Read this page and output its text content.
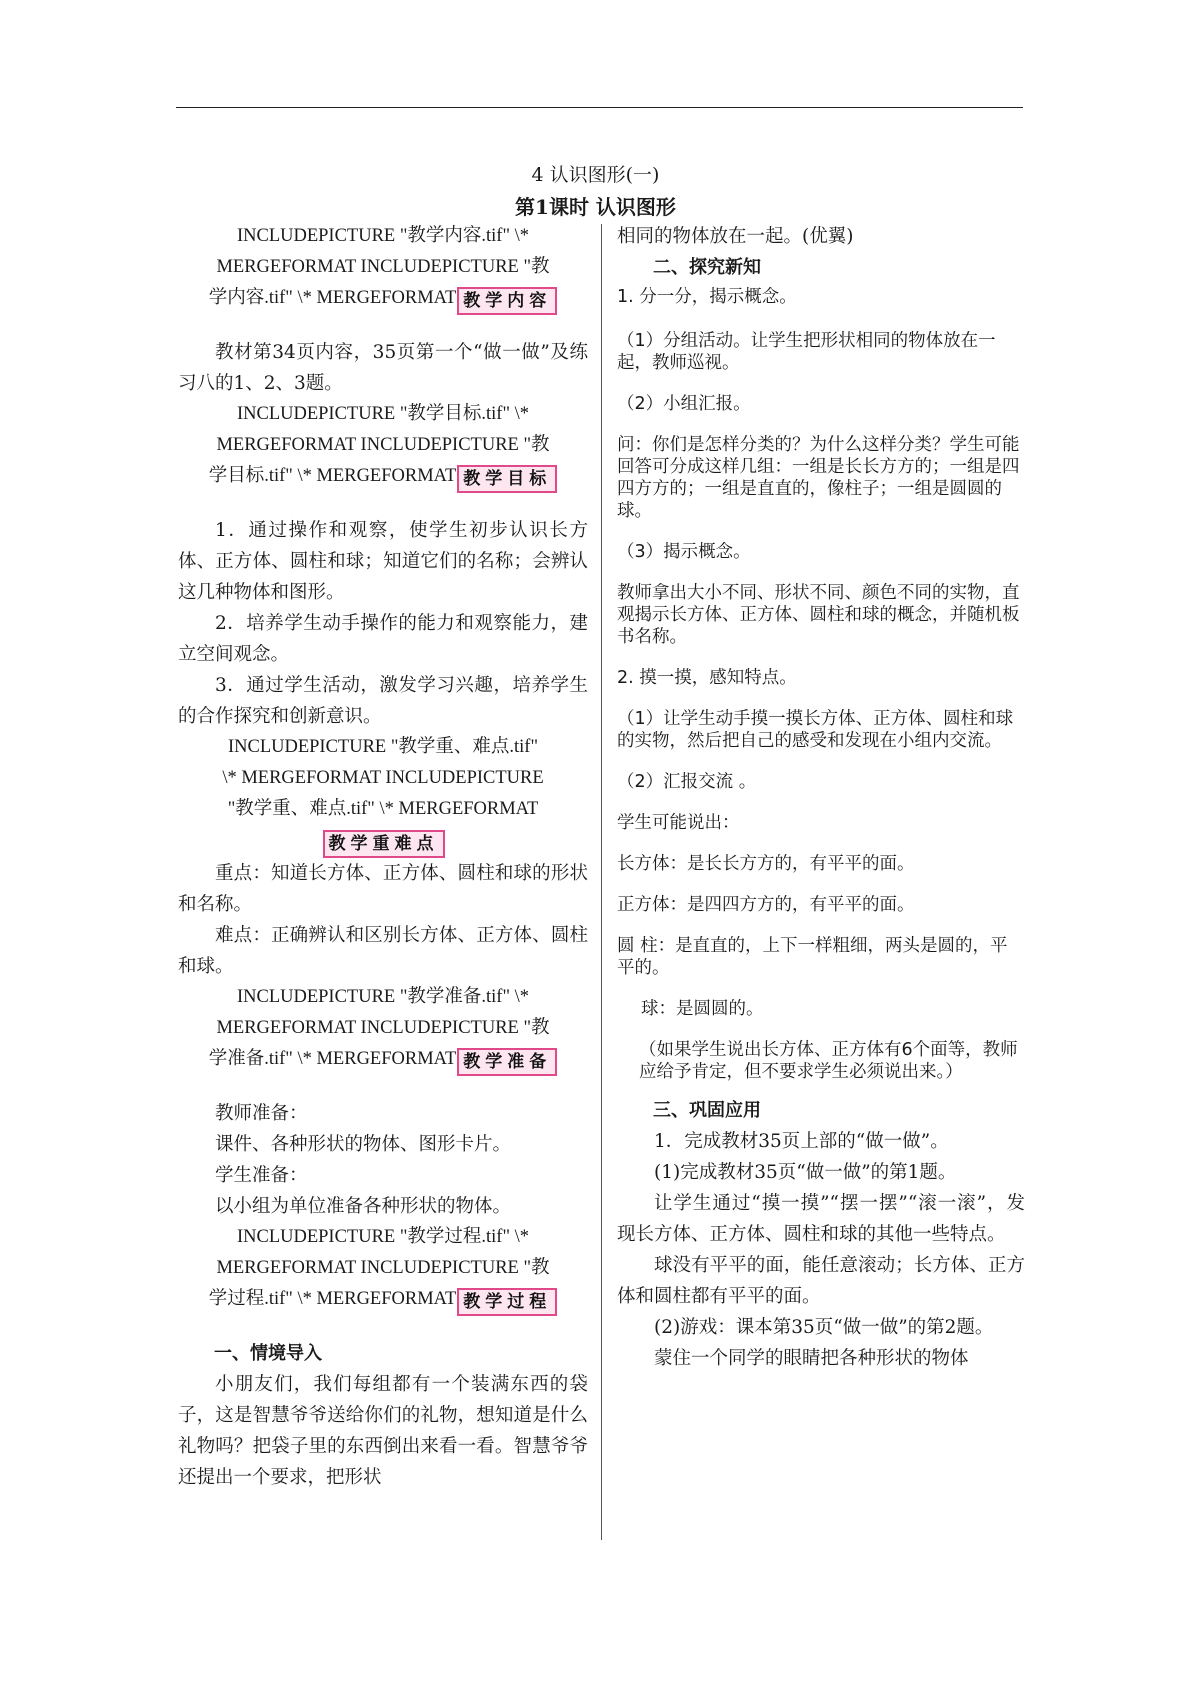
4 认识图形(一)
第1课时 认识图形

INCLUDEPICTURE "教学内容.tif" \*

MERGEFORMAT INCLUDEPICTURE "教

学内容.tif" \* MERGEFORMAT 教学内容

教材第34页内容，35页第一个“做一做”及练习八的1、2、3题。

INCLUDEPICTURE "教学目标.tif" \*

MERGEFORMAT INCLUDEPICTURE "教

学目标.tif" \* MERGEFORMAT 教学目标

1．通过操作和观察，使学生初步认识长方体、正方体、圆柱和球；知道它们的名称；会辨认这几种物体和图形。

2．培养学生动手操作的能力和观察能力，建立空间观念。

3．通过学生活动，激发学习兴趣，培养学生的合作探究和创新意识。

INCLUDEPICTURE "教学重、难点.tif"

\* MERGEFORMAT INCLUDEPICTURE

"教学重、难点.tif" \* MERGEFORMAT

教学重难点

重点：知道长方体、正方体、圆柱和球的形状和名称。

难点：正确辨认和区别长方体、正方体、圆柱和球。

INCLUDEPICTURE "教学准备.tif" \*

MERGEFORMAT INCLUDEPICTURE "教

学准备.tif" \* MERGEFORMAT 教学准备

教师准备：

课件、各种形状的物体、图形卡片。

学生准备：

以小组为单位准备各种形状的物体。

INCLUDEPICTURE "教学过程.tif" \*

MERGEFORMAT INCLUDEPICTURE "教

学过程.tif" \* MERGEFORMAT 教学过程

一、情境导入

小朋友们，我们每组都有一个装满东西的袋子，这是智慧爷爷送给你们的礼物，想知道是什么礼物吗？把袋子里的东西倒出来看一看。智慧爷爷还提出一个要求，把形状

相同的物体放在一起。(优翼)

二、探究新知

1. 分一分，揭示概念。

（1）分组活动。让学生把形状相同的物体放在一起，教师巡视。

（2）小组汇报。

问：你们是怎样分类的？为什么这样分类？学生可能回答可分成这样几组：一组是长长方方的；一组是四四方方的；一组是直直的，像柱子；一组是圆圆的球。

（3）揭示概念。

教师拿出大小不同、形状不同、颜色不同的实物，直观揭示长方体、正方体、圆柱和球的概念，并随机板书名称。

2. 摸一摸，感知特点。

（1）让学生动手摸一摸长方体、正方体、圆柱和球的实物，然后把自己的感受和发现在小组内交流。

（2）汇报交流 。

学生可能说出：

长方体：是长长方方的，有平平的面。

正方体：是四四方方的，有平平的面。

圆 柱：是直直的，上下一样粗细，两头是圆的，平平的。

球：是圆圆的。

（如果学生说出长方体、正方体有6个面等，教师应给予肯定，但不要求学生必须说出来。）

三、巩固应用

1．完成教材35页上部的“做一做”。

(1)完成教材35页“做一做”的第1题。

让学生通过“摸一摸”“摆一摆”“滚一滚”，发现长方体、正方体、圆柱和球的其他一些特点。

球没有平平的面，能任意滚动；长方体、正方体和圆柱都有平平的面。

(2)游戏：课本第35页“做一做”的第2题。

蒙住一个同学的眼睛把各种形状的物体
